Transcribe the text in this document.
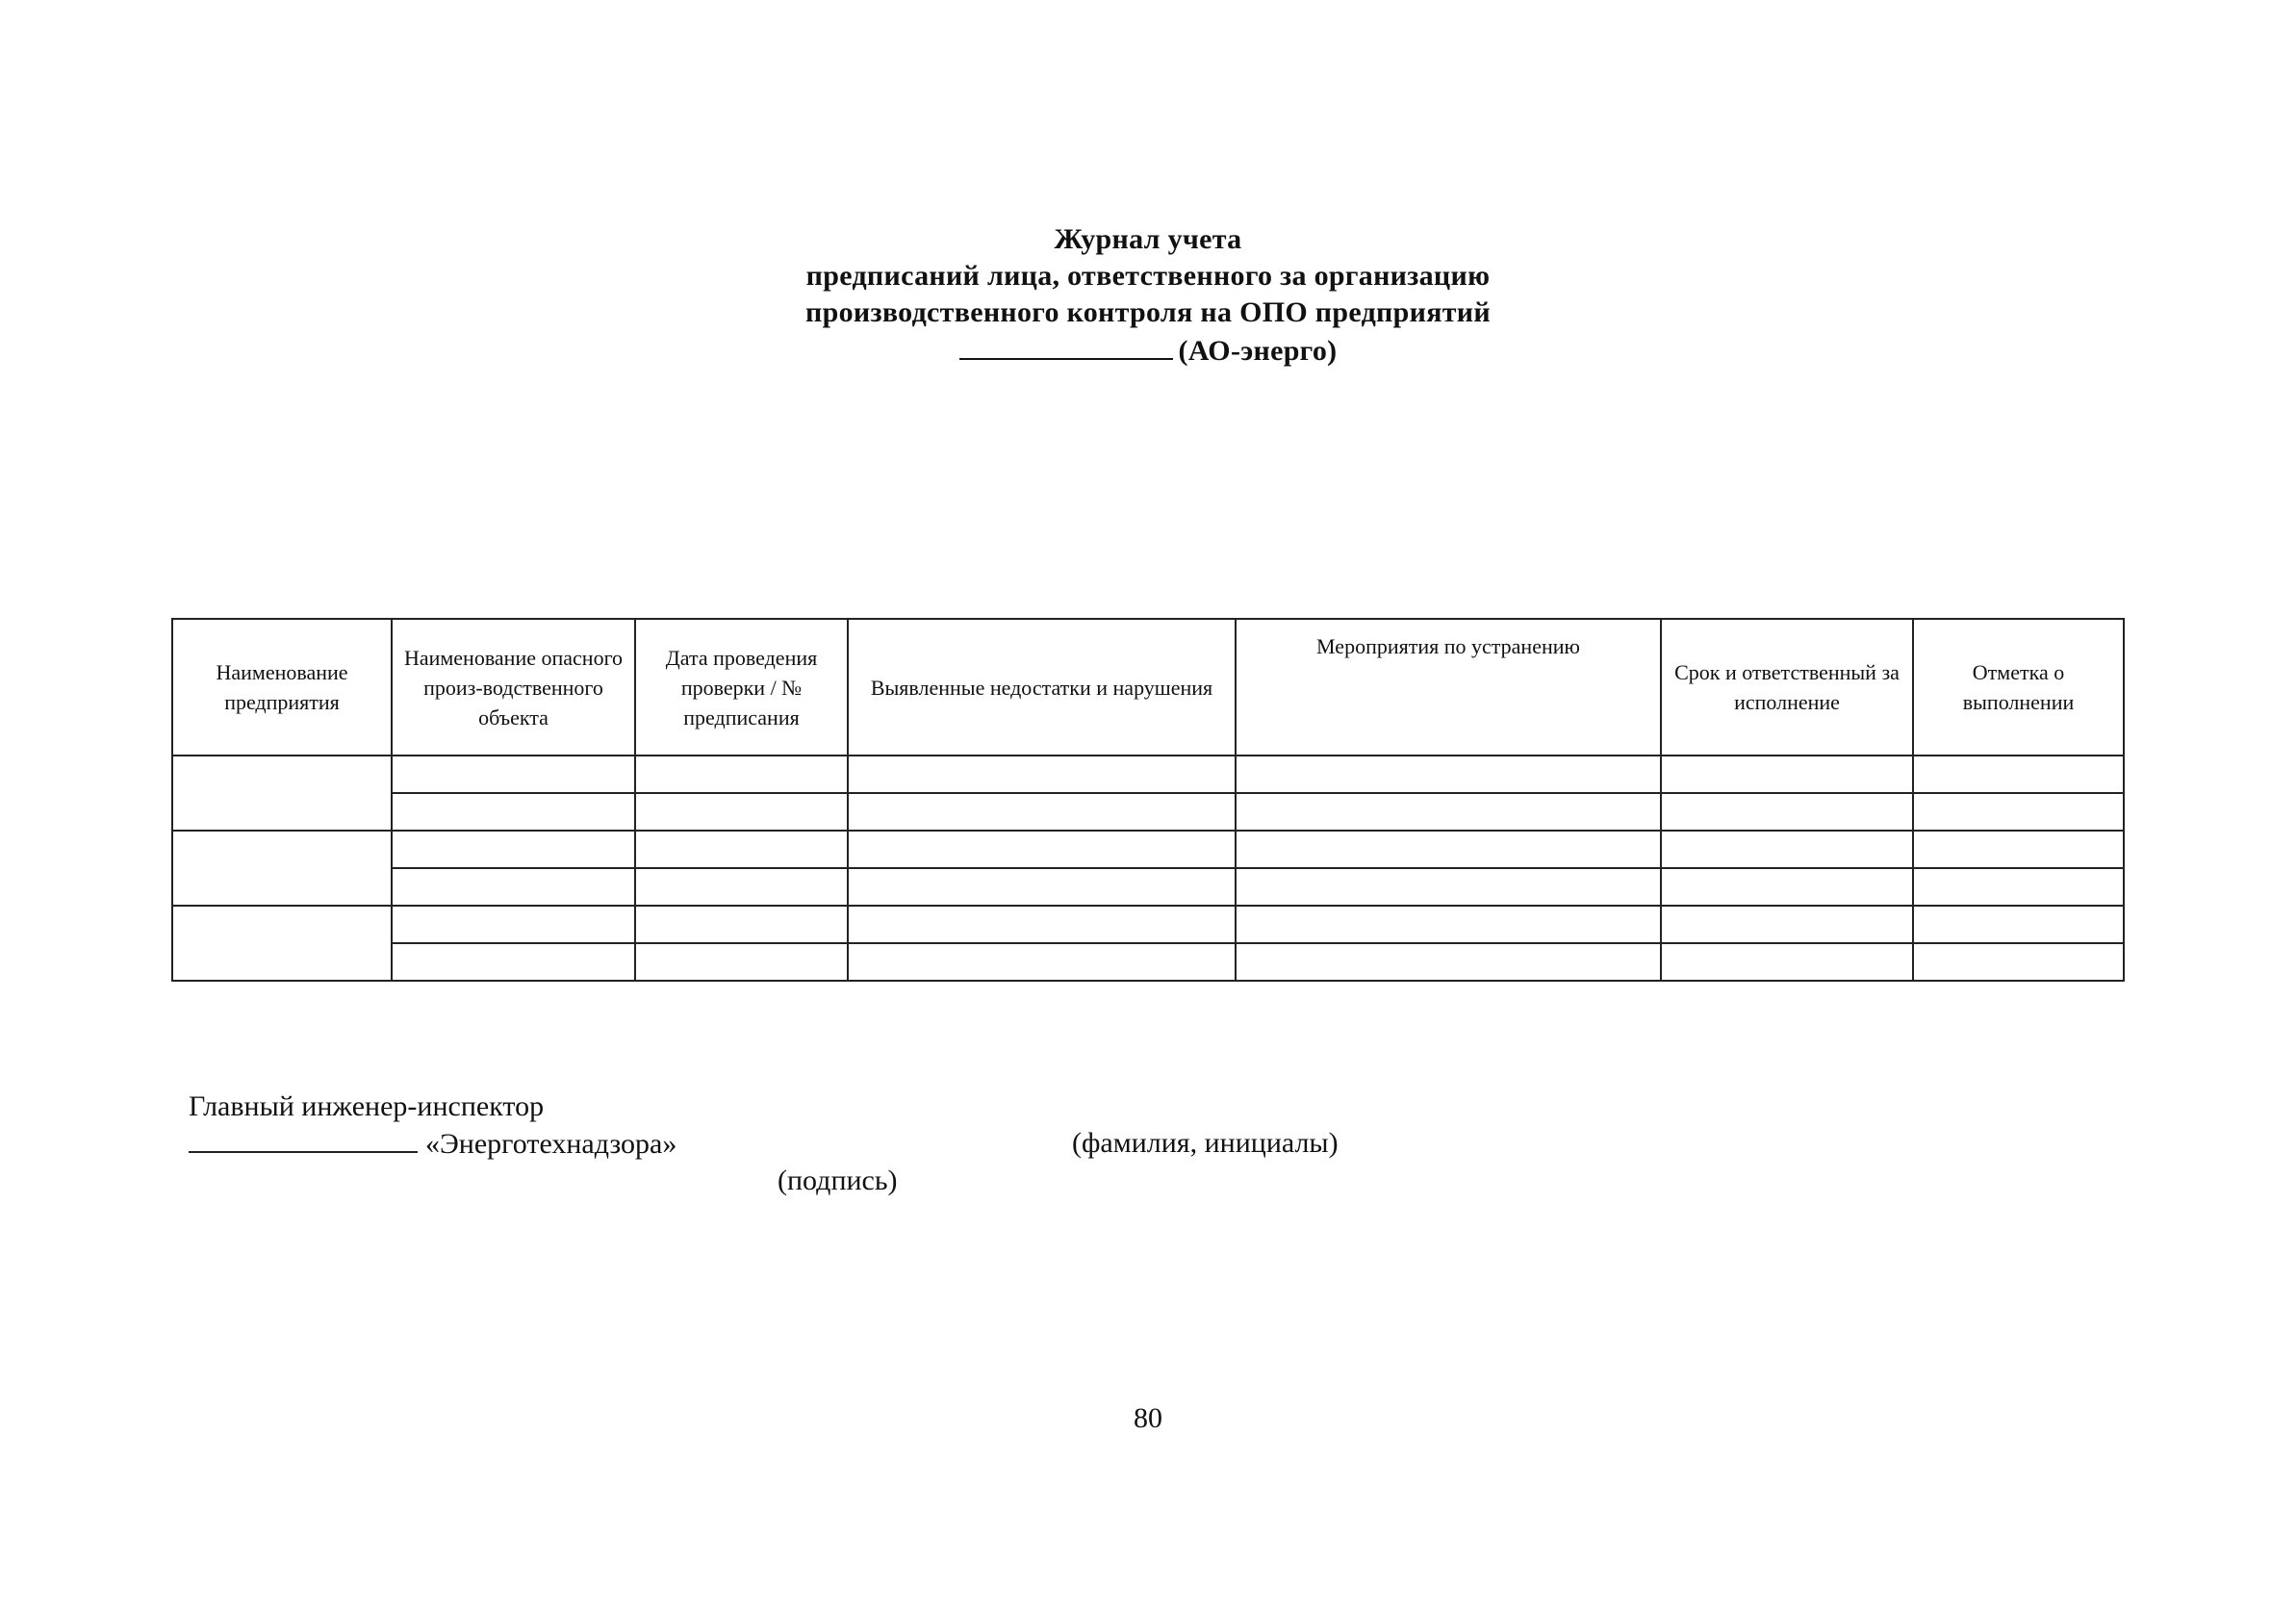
Журнал учета
предписаний лица, ответственного за организацию
производственного контроля на ОПО предприятий
(АО-энерго)
Наименование предприятия	Наименование опасного произ-водственного объекта	Дата проведения проверки / № предписания	Выявленные недостатки и нарушения	Мероприятия по устранению	Срок и ответственный за исполнение	Отметка о выполнении

Главный инженер-инспектор
«Энерготехнадзора»	(фамилия, инициалы)
(подпись)
80
